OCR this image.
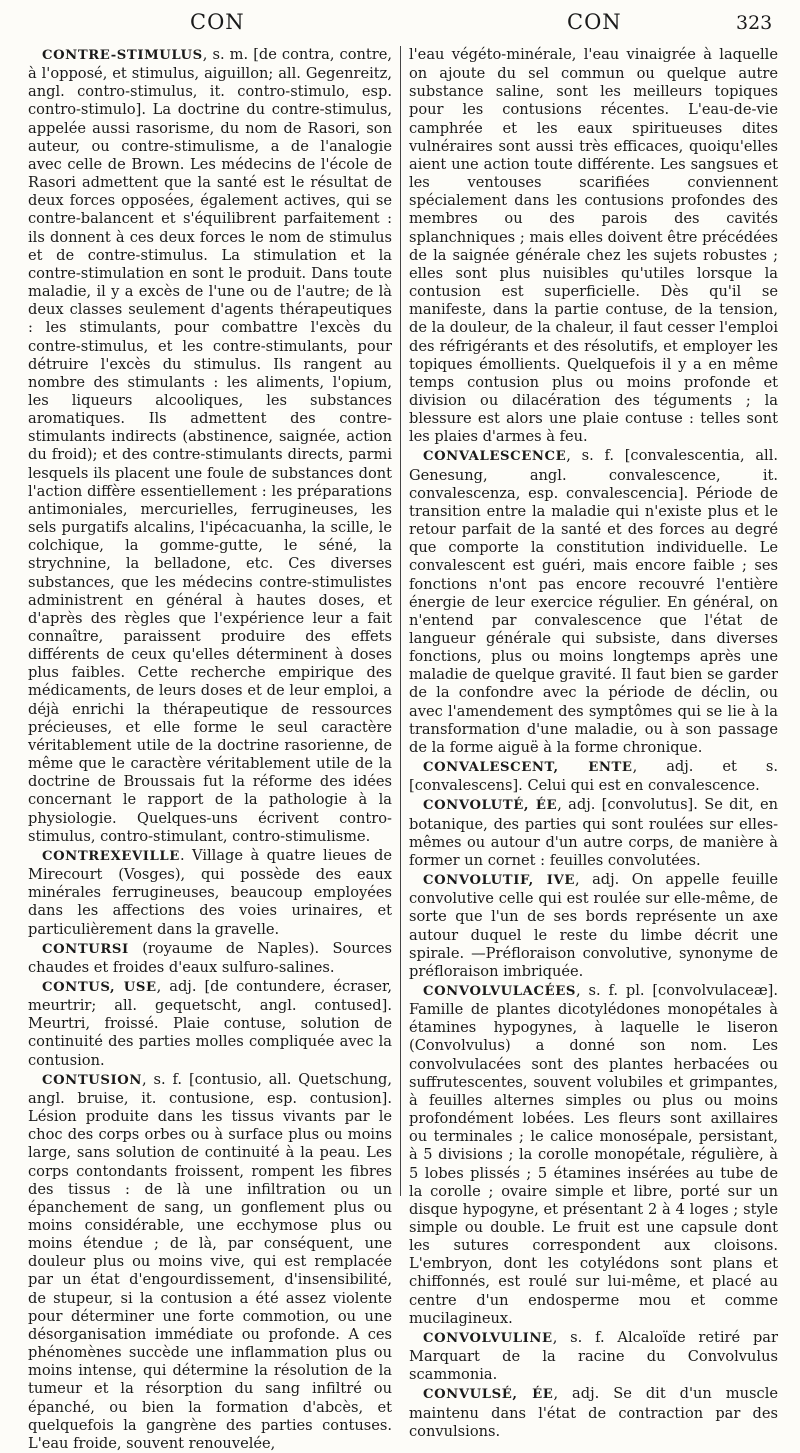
CON	CON	323

CONTRE-STIMULUS, s. m. [de contra, contre, à l'opposé, et stimulus, aiguillon; all. Gegenreitz, angl. contro-stimulus, it. contro-stimulo, esp. contro-stimulo]. La doctrine du contre-stimulus, appelée aussi rasorisme, du nom de Rasori, son auteur, ou contre-stimulisme, a de l'analogie avec celle de Brown. Les médecins de l'école de Rasori admettent que la santé est le résultat de deux forces opposées, également actives, qui se contre-balancent et s'équilibrent parfaitement : ils donnent à ces deux forces le nom de stimulus et de contre-stimulus. La stimulation et la contre-stimulation en sont le produit. Dans toute maladie, il y a excès de l'une ou de l'autre; de là deux classes seulement d'agents thérapeutiques : les stimulants, pour combattre l'excès du contre-stimulus, et les contre-stimulants, pour détruire l'excès du stimulus. Ils rangent au nombre des stimulants : les aliments, l'opium, les liqueurs alcooliques, les substances aromatiques. Ils admettent des contre-stimulants indirects (abstinence, saignée, action du froid); et des contre-stimulants directs, parmi lesquels ils placent une foule de substances dont l'action diffère essentiellement : les préparations antimoniales, mercurielles, ferrugineuses, les sels purgatifs alcalins, l'ipécacuanha, la scille, le colchique, la gomme-gutte, le séné, la strychnine, la belladone, etc. Ces diverses substances, que les médecins contre-stimulistes administrent en général à hautes doses, et d'après des règles que l'expérience leur a fait connaître, paraissent produire des effets différents de ceux qu'elles déterminent à doses plus faibles. Cette recherche empirique des médicaments, de leurs doses et de leur emploi, a déjà enrichi la thérapeutique de ressources précieuses, et elle forme le seul caractère véritablement utile de la doctrine rasorienne, de même que le caractère véritablement utile de la doctrine de Broussais fut la réforme des idées concernant le rapport de la pathologie à la physiologie. Quelques-uns écrivent contro-stimulus, contro-stimulant, contro-stimulisme.

CONTREXEVILLE. Village à quatre lieues de Mirecourt (Vosges), qui possède des eaux minérales ferrugineuses, beaucoup employées dans les affections des voies urinaires, et particulièrement dans la gravelle.

CONTURSI (royaume de Naples). Sources chaudes et froides d'eaux sulfuro-salines.

CONTUS, USE, adj. [de contundere, écraser, meurtrir; all. gequetscht, angl. contused]. Meurtri, froissé. Plaie contuse, solution de continuité des parties molles compliquée avec la contusion.

CONTUSION, s. f. [contusio, all. Quetschung, angl. bruise, it. contusione, esp. contusion]. Lésion produite dans les tissus vivants par le choc des corps orbes ou à surface plus ou moins large, sans solution de continuité à la peau. Les corps contondants froissent, rompent les fibres des tissus : de là une infiltration ou un épanchement de sang, un gonflement plus ou moins considérable, une ecchymose plus ou moins étendue ; de là, par conséquent, une douleur plus ou moins vive, qui est remplacée par un état d'engourdissement, d'insensibilité, de stupeur, si la contusion a été assez violente pour déterminer une forte commotion, ou une désorganisation immédiate ou profonde. A ces phénomènes succède une inflammation plus ou moins intense, qui détermine la résolution de la tumeur et la résorption du sang infiltré ou épanché, ou bien la formation d'abcès, et quelquefois la gangrène des parties contuses. L'eau froide, souvent renouvelée,

l'eau végéto-minérale, l'eau vinaigrée à laquelle on ajoute du sel commun ou quelque autre substance saline, sont les meilleurs topiques pour les contusions récentes. L'eau-de-vie camphrée et les eaux spiritueuses dites vulnéraires sont aussi très efficaces, quoiqu'elles aient une action toute différente. Les sangsues et les ventouses scarifiées conviennent spécialement dans les contusions profondes des membres ou des parois des cavités splanchniques ; mais elles doivent être précédées de la saignée générale chez les sujets robustes ; elles sont plus nuisibles qu'utiles lorsque la contusion est superficielle. Dès qu'il se manifeste, dans la partie contuse, de la tension, de la douleur, de la chaleur, il faut cesser l'emploi des réfrigérants et des résolutifs, et employer les topiques émollients. Quelquefois il y a en même temps contusion plus ou moins profonde et division ou dilacération des téguments ; la blessure est alors une plaie contuse : telles sont les plaies d'armes à feu.

CONVALESCENCE, s. f. [convalescentia, all. Genesung, angl. convalescence, it. convalescenza, esp. convalescencia]. Période de transition entre la maladie qui n'existe plus et le retour parfait de la santé et des forces au degré que comporte la constitution individuelle. Le convalescent est guéri, mais encore faible ; ses fonctions n'ont pas encore recouvré l'entière énergie de leur exercice régulier. En général, on n'entend par convalescence que l'état de langueur générale qui subsiste, dans diverses fonctions, plus ou moins longtemps après une maladie de quelque gravité. Il faut bien se garder de la confondre avec la période de déclin, ou avec l'amendement des symptômes qui se lie à la transformation d'une maladie, ou à son passage de la forme aiguë à la forme chronique.

CONVALESCENT, ENTE, adj. et s. [convalescens]. Celui qui est en convalescence.

CONVOLUTÉ, ÉE, adj. [convolutus]. Se dit, en botanique, des parties qui sont roulées sur elles-mêmes ou autour d'un autre corps, de manière à former un cornet : feuilles convolutées.

CONVOLUTIF, IVE, adj. On appelle feuille convolutive celle qui est roulée sur elle-même, de sorte que l'un de ses bords représente un axe autour duquel le reste du limbe décrit une spirale. —Préfloraison convolutive, synonyme de préfloraison imbriquée.

CONVOLVULACÉES, s. f. pl. [convolvulaceæ]. Famille de plantes dicotylédones monopétales à étamines hypogynes, à laquelle le liseron (Convolvulus) a donné son nom. Les convolvulacées sont des plantes herbacées ou suffrutescentes, souvent volubiles et grimpantes, à feuilles alternes simples ou plus ou moins profondément lobées. Les fleurs sont axillaires ou terminales ; le calice monosépale, persistant, à 5 divisions ; la corolle monopétale, régulière, à 5 lobes plissés ; 5 étamines insérées au tube de la corolle ; ovaire simple et libre, porté sur un disque hypogyne, et présentant 2 à 4 loges ; style simple ou double. Le fruit est une capsule dont les sutures correspondent aux cloisons. L'embryon, dont les cotylédons sont plans et chiffonnés, est roulé sur lui-même, et placé au centre d'un endosperme mou et comme mucilagineux.

CONVOLVULINE, s. f. Alcaloïde retiré par Marquart de la racine du Convolvulus scammonia.

CONVULSÉ, ÉE, adj. Se dit d'un muscle maintenu dans l'état de contraction par des convulsions.
